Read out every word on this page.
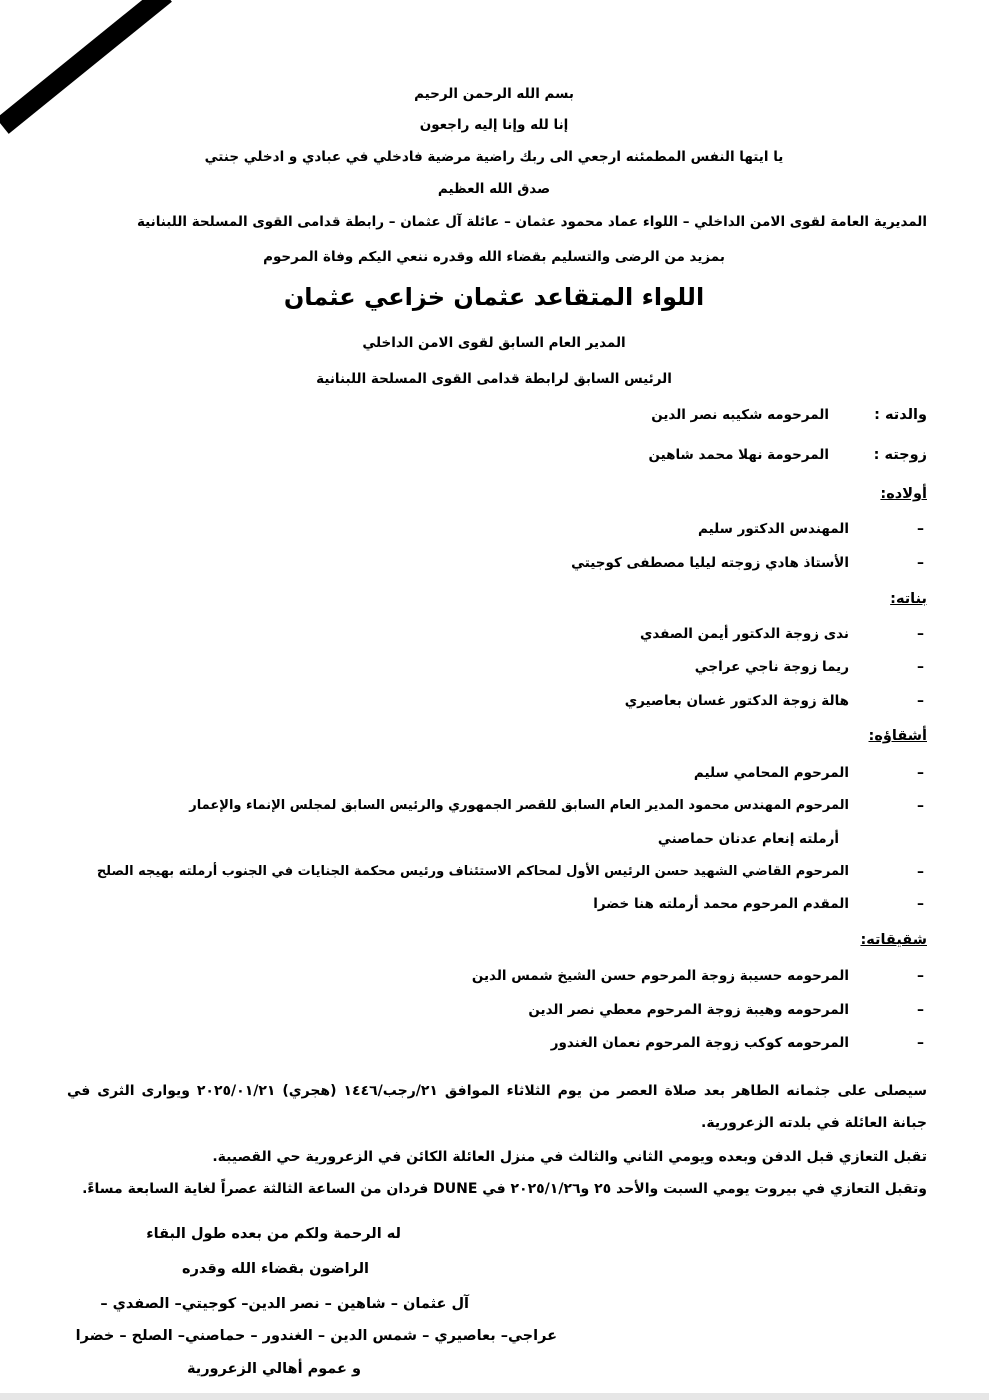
بسم الله الرحمن الرحيم
إنا لله وإنا إليه راجعون
يا ايتها النفس المطمئنه ارجعي الى ربك راضية مرضية فادخلي في عبادي و ادخلي جنتي
صدق الله العظيم
المديرية العامة لقوى الامن الداخلي – اللواء عماد محمود عثمان – عائلة آل عثمان – رابطة قدامى القوى المسلحة اللبنانية
بمزيد من الرضى والتسليم بقضاء الله وقدره ننعي اليكم وفاة المرحوم
اللواء المتقاعد عثمان خزاعي عثمان
المدير العام السابق لقوى الامن الداخلي
الرئيس السابق لرابطة قدامى القوى المسلحة اللبنانية
والدته :
المرحومه شكيبه نصر الدين
زوجته :
المرحومة نهلا محمد شاهين
أولاده:
–
المهندس الدكتور سليم
–
الأستاذ هادي زوجته ليليا مصطفى كوجيتي
بناته:
–
ندى زوجة الدكتور أيمن الصفدي
–
ريما زوجة ناجي عراجي
–
هالة زوجة الدكتور غسان بعاصيري
أشقاؤه:
–
المرحوم المحامي سليم
–
المرحوم المهندس محمود المدير العام السابق للقصر الجمهوري والرئيس السابق لمجلس الإنماء والإعمار
أرملته إنعام عدنان حماصني
–
المرحوم القاضي الشهيد حسن الرئيس الأول لمحاكم الاستئناف ورئيس محكمة الجنايات في الجنوب أرملته بهيجه الصلح
–
المقدم المرحوم محمد أرملته هنا خضرا
شقيقاته:
–
المرحومه حسيبة زوجة المرحوم حسن الشيخ شمس الدين
–
المرحومه وهيبة زوجة المرحوم معطي نصر الدين
–
المرحومه كوكب زوجة المرحوم نعمان الغندور
سيصلى على جثمانه الطاهر بعد صلاة العصر من يوم الثلاثاء الموافق ٢١/رجب/١٤٤٦ (هجري) ٢٠٢٥/٠١/٢١ ويوارى الثرى في
جبانة العائلة في بلدته الزعرورية.
تقبل التعازي قبل الدفن وبعده ويومي الثاني والثالث في منزل العائلة الكائن في الزعرورية حي القصيبة.
وتقبل التعازي في بيروت يومي السبت والأحد ٢٥ و٢٠٢٥/١/٢٦ في DUNE فردان من الساعة الثالثة عصراً لغاية السابعة مساءً.
له الرحمة ولكم من بعده طول البقاء
الراضون بقضاء الله وقدره
آل عثمان – شاهين – نصر الدين– كوجيتي– الصفدي –
عراجي– بعاصيري – شمس الدين – الغندور – حماصني– الصلح – خضرا
و عموم أهالي الزعرورية
